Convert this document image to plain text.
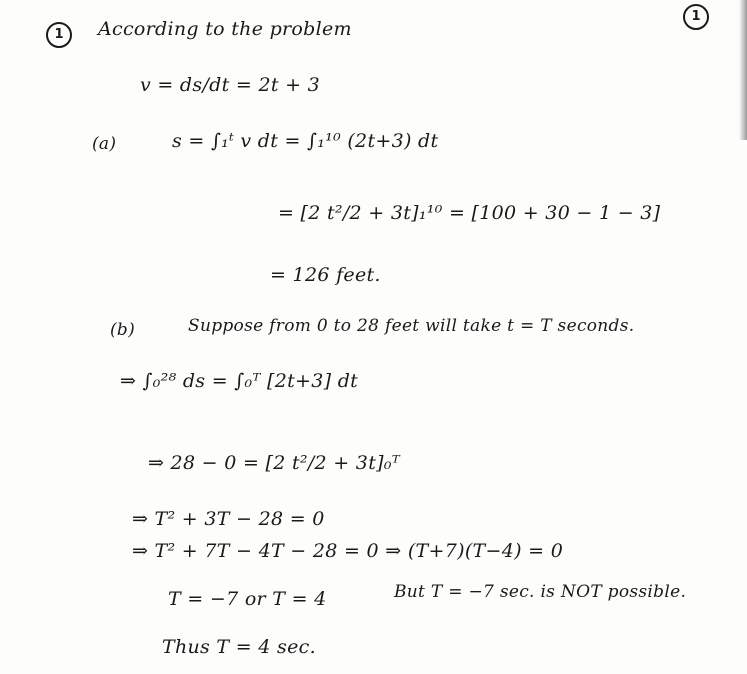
1	According to the problem
1
v = ds/dt = 2t + 3
(a)	s = ∫₁ᵗ v dt = ∫₁¹⁰ (2t+3) dt
= [2 t²/2 + 3t]₁¹⁰ = [100 + 30 − 1 − 3]
= 126 feet.
(b)	Suppose from 0 to 28 feet will take t = T seconds.
⇒ ∫₀²⁸ ds = ∫₀ᵀ [2t+3] dt
⇒ 28 − 0 = [2 t²/2 + 3t]₀ᵀ
⇒ T² + 3T − 28 = 0
⇒ T² + 7T − 4T − 28 = 0 ⇒ (T+7)(T−4) = 0
T = −7 or T = 4	But T = −7 sec. is NOT possible.
Thus T = 4 sec.
